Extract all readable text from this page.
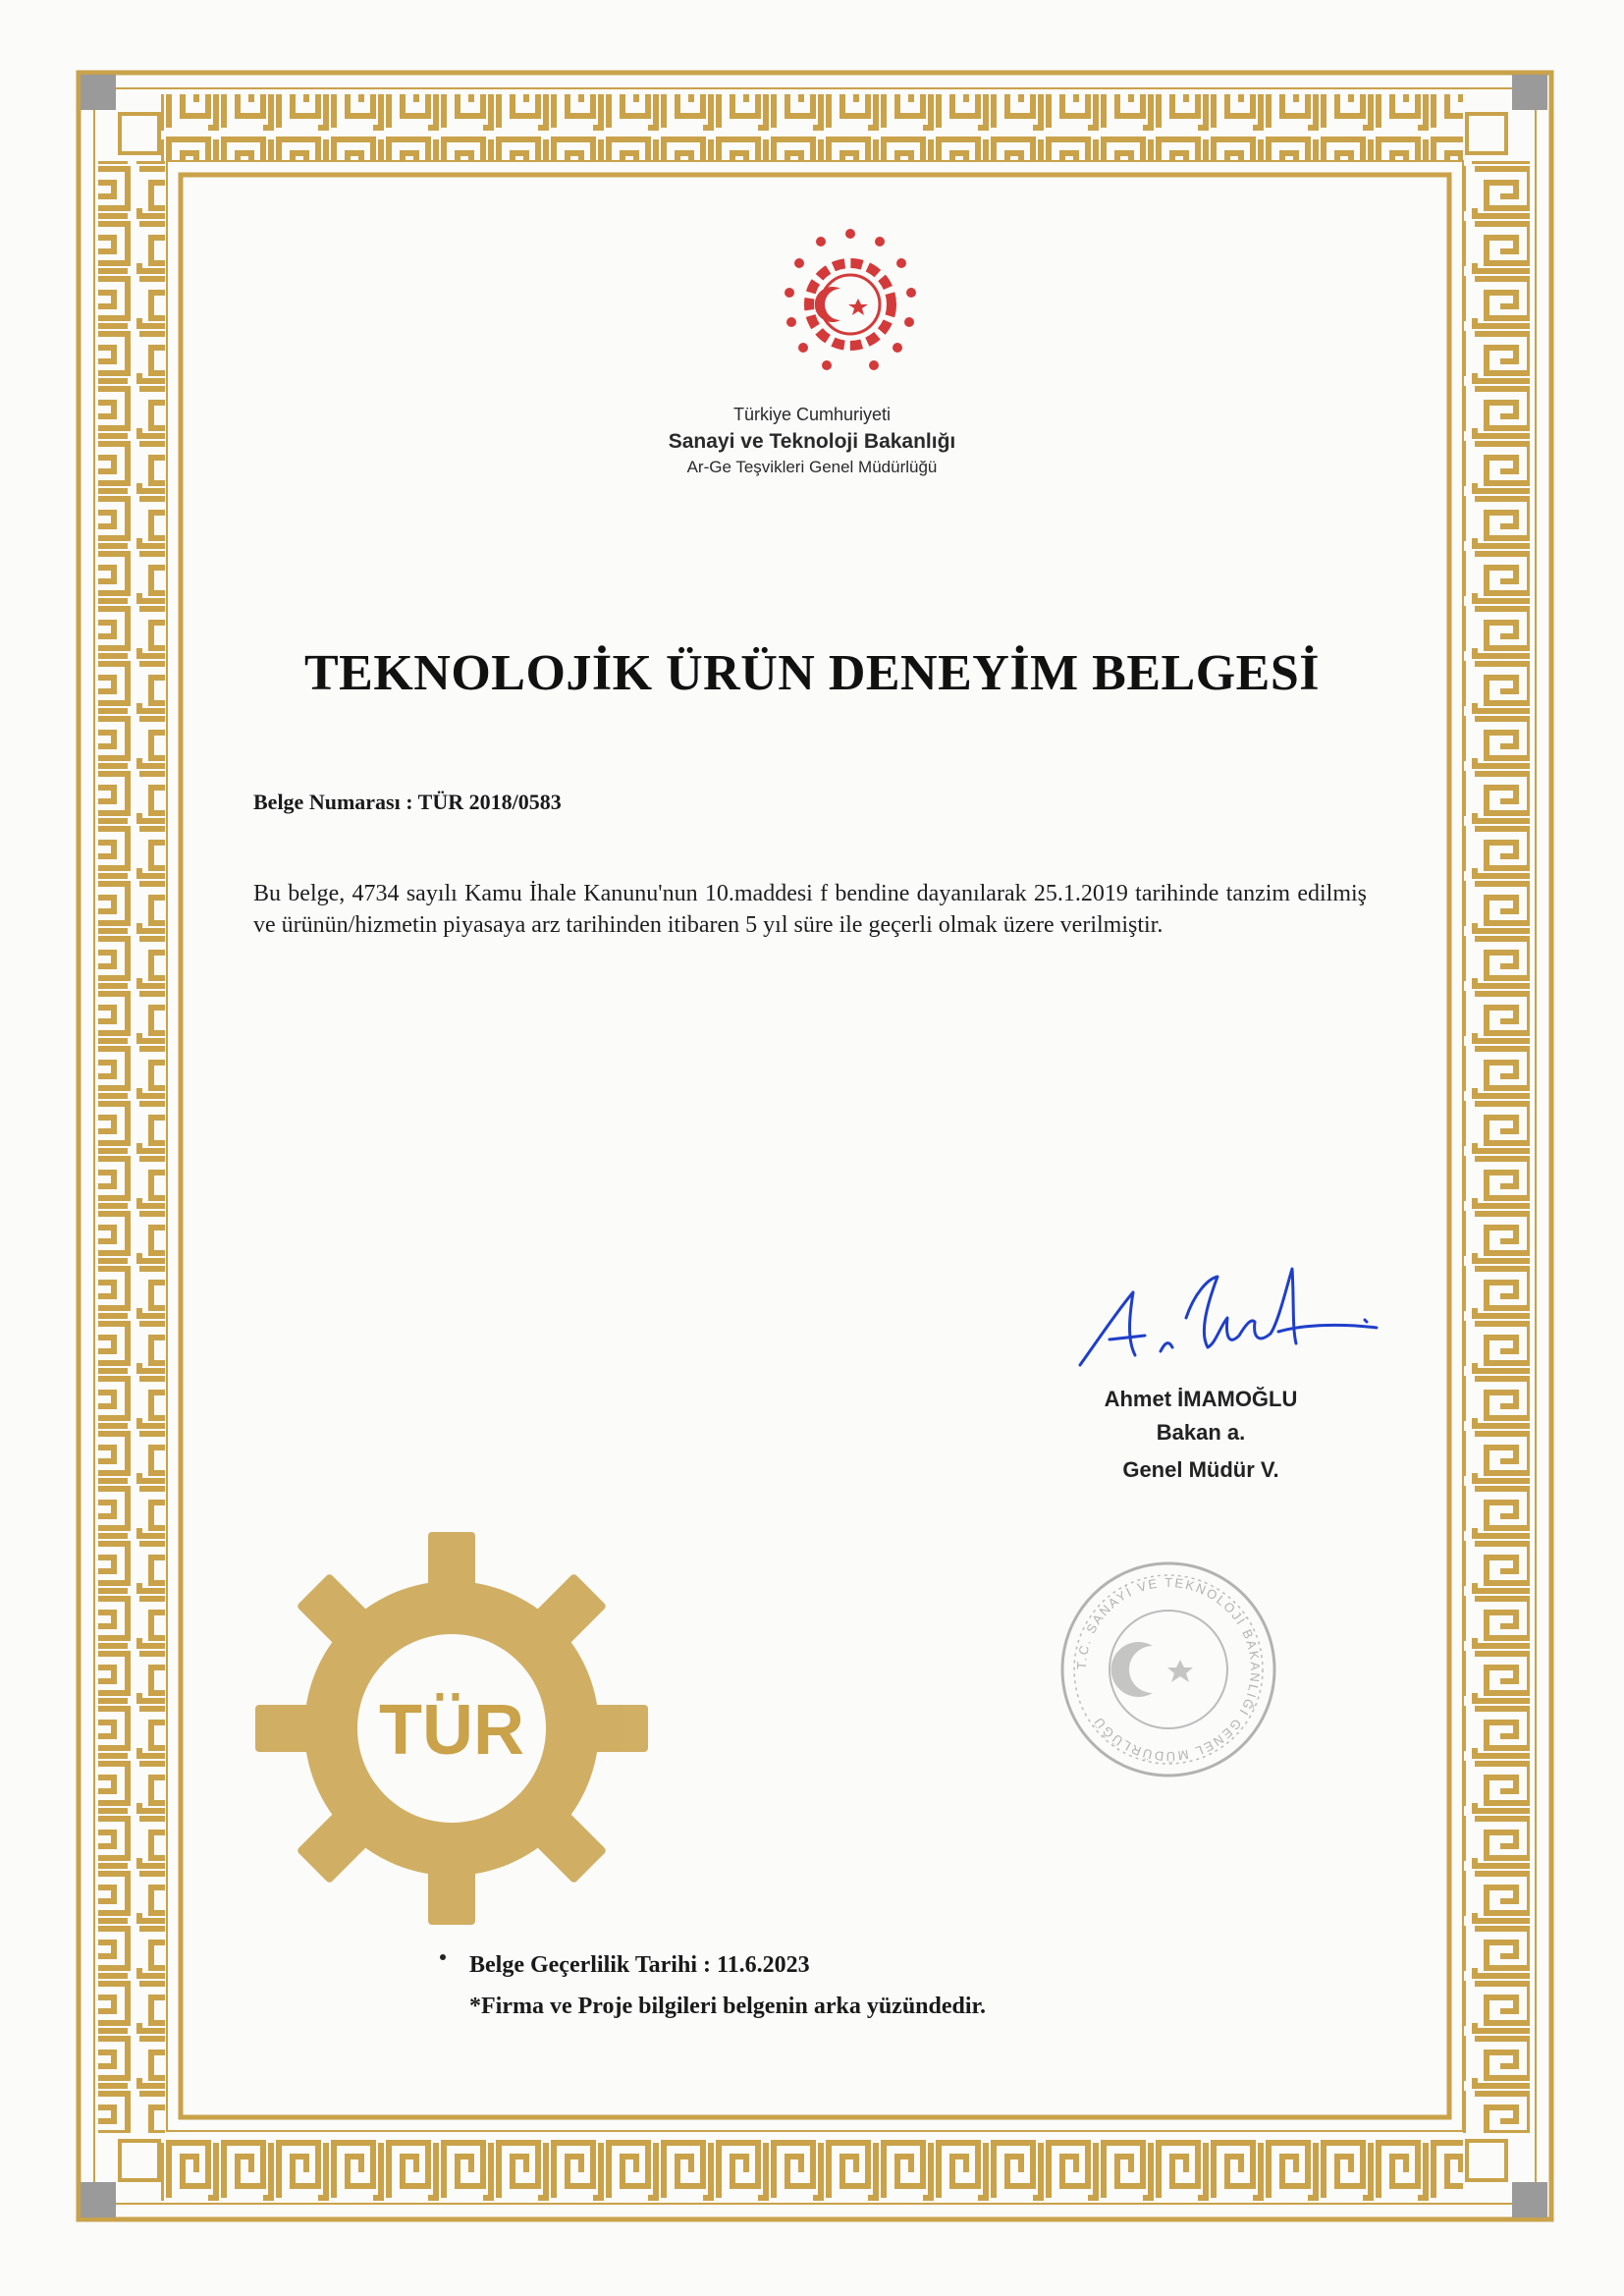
Türkiye Cumhuriyeti
Sanayi ve Teknoloji Bakanlığı
Ar-Ge Teşvikleri Genel Müdürlüğü
TEKNOLOJİK ÜRÜN DENEYİM BELGESİ
Belge Numarası : TÜR 2018/0583
Bu belge, 4734 sayılı Kamu İhale Kanunu'nun 10.maddesi f bendine dayanılarak 25.1.2019 tarihinde tanzim edilmiş ve ürünün/hizmetin piyasaya arz tarihinden itibaren 5 yıl süre ile geçerli olmak üzere verilmiştir.
Ahmet İMAMOĞLU
Bakan a.
Genel Müdür V.
TÜR
T.C. SANAYİ VE TEKNOLOJİ BAKANLIĞI GENEL MÜDÜRLÜĞÜ
Belge Geçerlilik Tarihi : 11.6.2023
*Firma ve Proje bilgileri belgenin arka yüzündedir.
